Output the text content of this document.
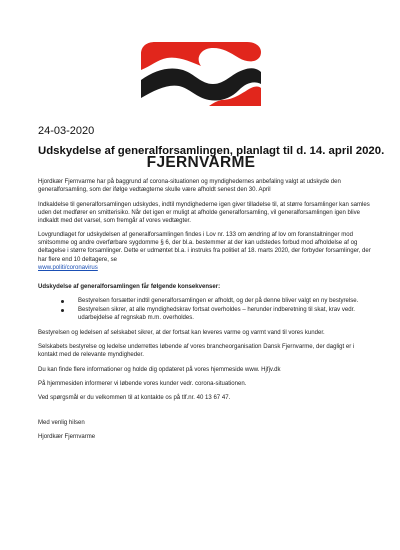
FJERNVARME
24-03-2020
Udskydelse af generalforsamlingen, planlagt til d. 14. april 2020.

Hjordkær Fjernvarme har på baggrund af corona-situationen og myndighedernes anbefaling valgt at udskyde den generalforsamling, som der ifølge vedtægterne skulle være afholdt senest den 30. April

Indkaldelse til generalforsamlingen udskydes, indtil myndighederne igen giver tilladelse til, at større forsamlinger kan samles uden det medfører en smitterisiko. Når det igen er muligt at afholde generalforsamling, vil generalforsamlingen igen blive indkaldt med det varsel, som fremgår af vores vedtægter.

Lovgrundlaget for udskydelsen af generalforsamlingen findes i Lov nr. 133 om ændring af lov om foranstaltninger mod smitsomme og andre overførbare sygdomme § 6, der bl.a. bestemmer at der kan udstedes forbud mod afholdelse af og deltagelse i større forsamlinger. Dette er udmøntet bl.a. i instruks fra politiet af 18. marts 2020, der forbyder forsamlinger, der har flere end 10 deltagere, se
www.politi/coronavirus

Udskydelse af generalforsamlingen får følgende konsekvenser:

Bestyrelsen forsætter indtil generalforsamlingen er afholdt, og der på denne bliver valgt en ny bestyrelse.
Bestyrelsen sikrer, at alle myndighedskrav fortsat overholdes – herunder indberetning til skat, krav vedr. udarbejdelse af regnskab m.m. overholdes.

Bestyrelsen og ledelsen af selskabet sikrer, at der fortsat kan leveres varme og varmt vand til vores kunder.

Selskabets bestyrelse og ledelse underrettes løbende af vores brancheorganisation Dansk Fjernvarme, der dagligt er i kontakt med de relevante myndigheder.

Du kan finde flere informationer og holde dig opdateret på vores hjemmeside www. Hjfjv.dk

På hjemmesiden informerer vi løbende vores kunder vedr. corona-situationen.

Ved spørgsmål er du velkommen til at kontakte os på tlf.nr. 40 13 67 47.

Med venlig hilsen

Hjordkær Fjernvarme
